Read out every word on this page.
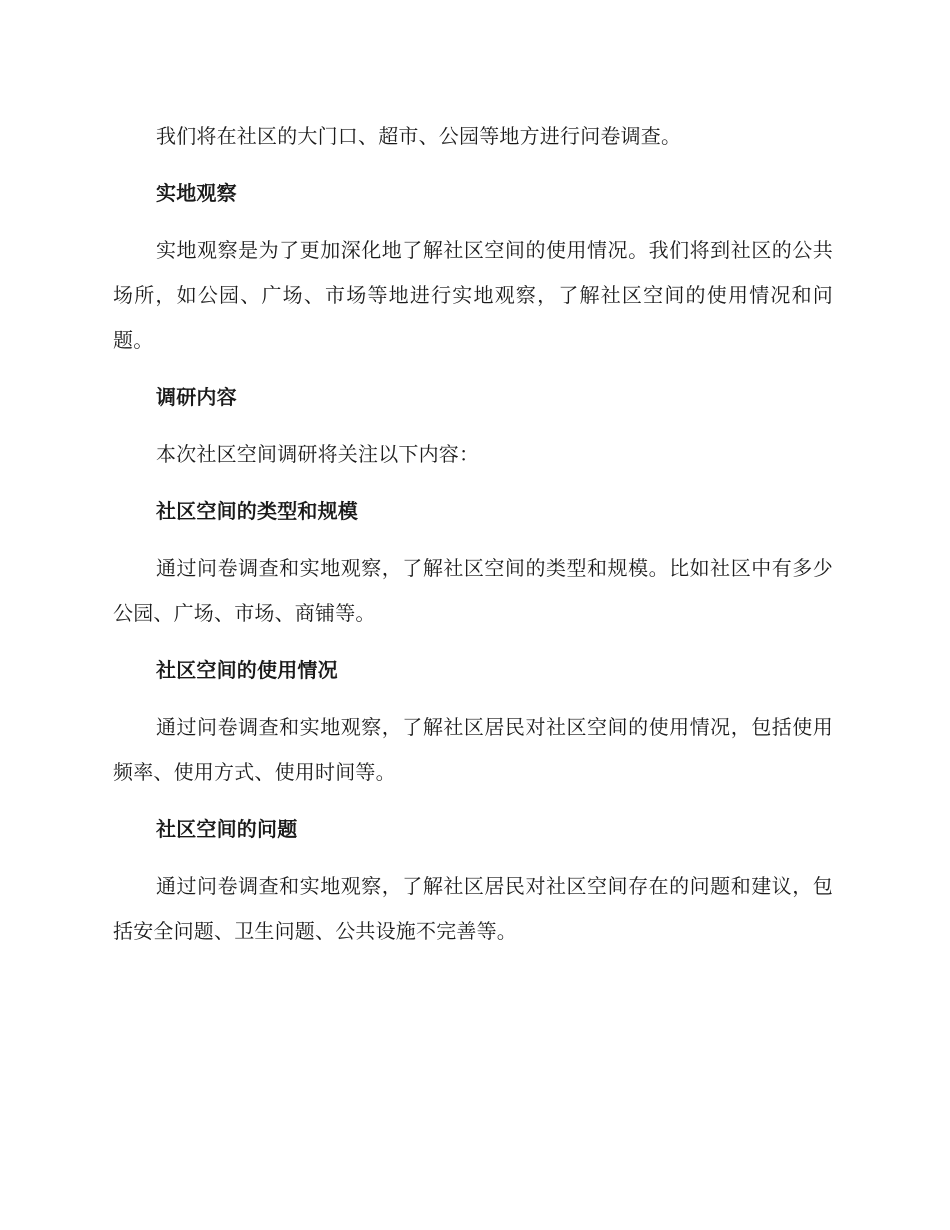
我们将在社区的大门口、超市、公园等地方进行问卷调查。

实地观察

实地观察是为了更加深化地了解社区空间的使用情况。我们将到社区的公共场所，如公园、广场、市场等地进行实地观察，了解社区空间的使用情况和问题。

调研内容

本次社区空间调研将关注以下内容：

社区空间的类型和规模

通过问卷调查和实地观察，了解社区空间的类型和规模。比如社区中有多少公园、广场、市场、商铺等。

社区空间的使用情况

通过问卷调查和实地观察，了解社区居民对社区空间的使用情况，包括使用频率、使用方式、使用时间等。

社区空间的问题

通过问卷调查和实地观察，了解社区居民对社区空间存在的问题和建议，包括安全问题、卫生问题、公共设施不完善等。
